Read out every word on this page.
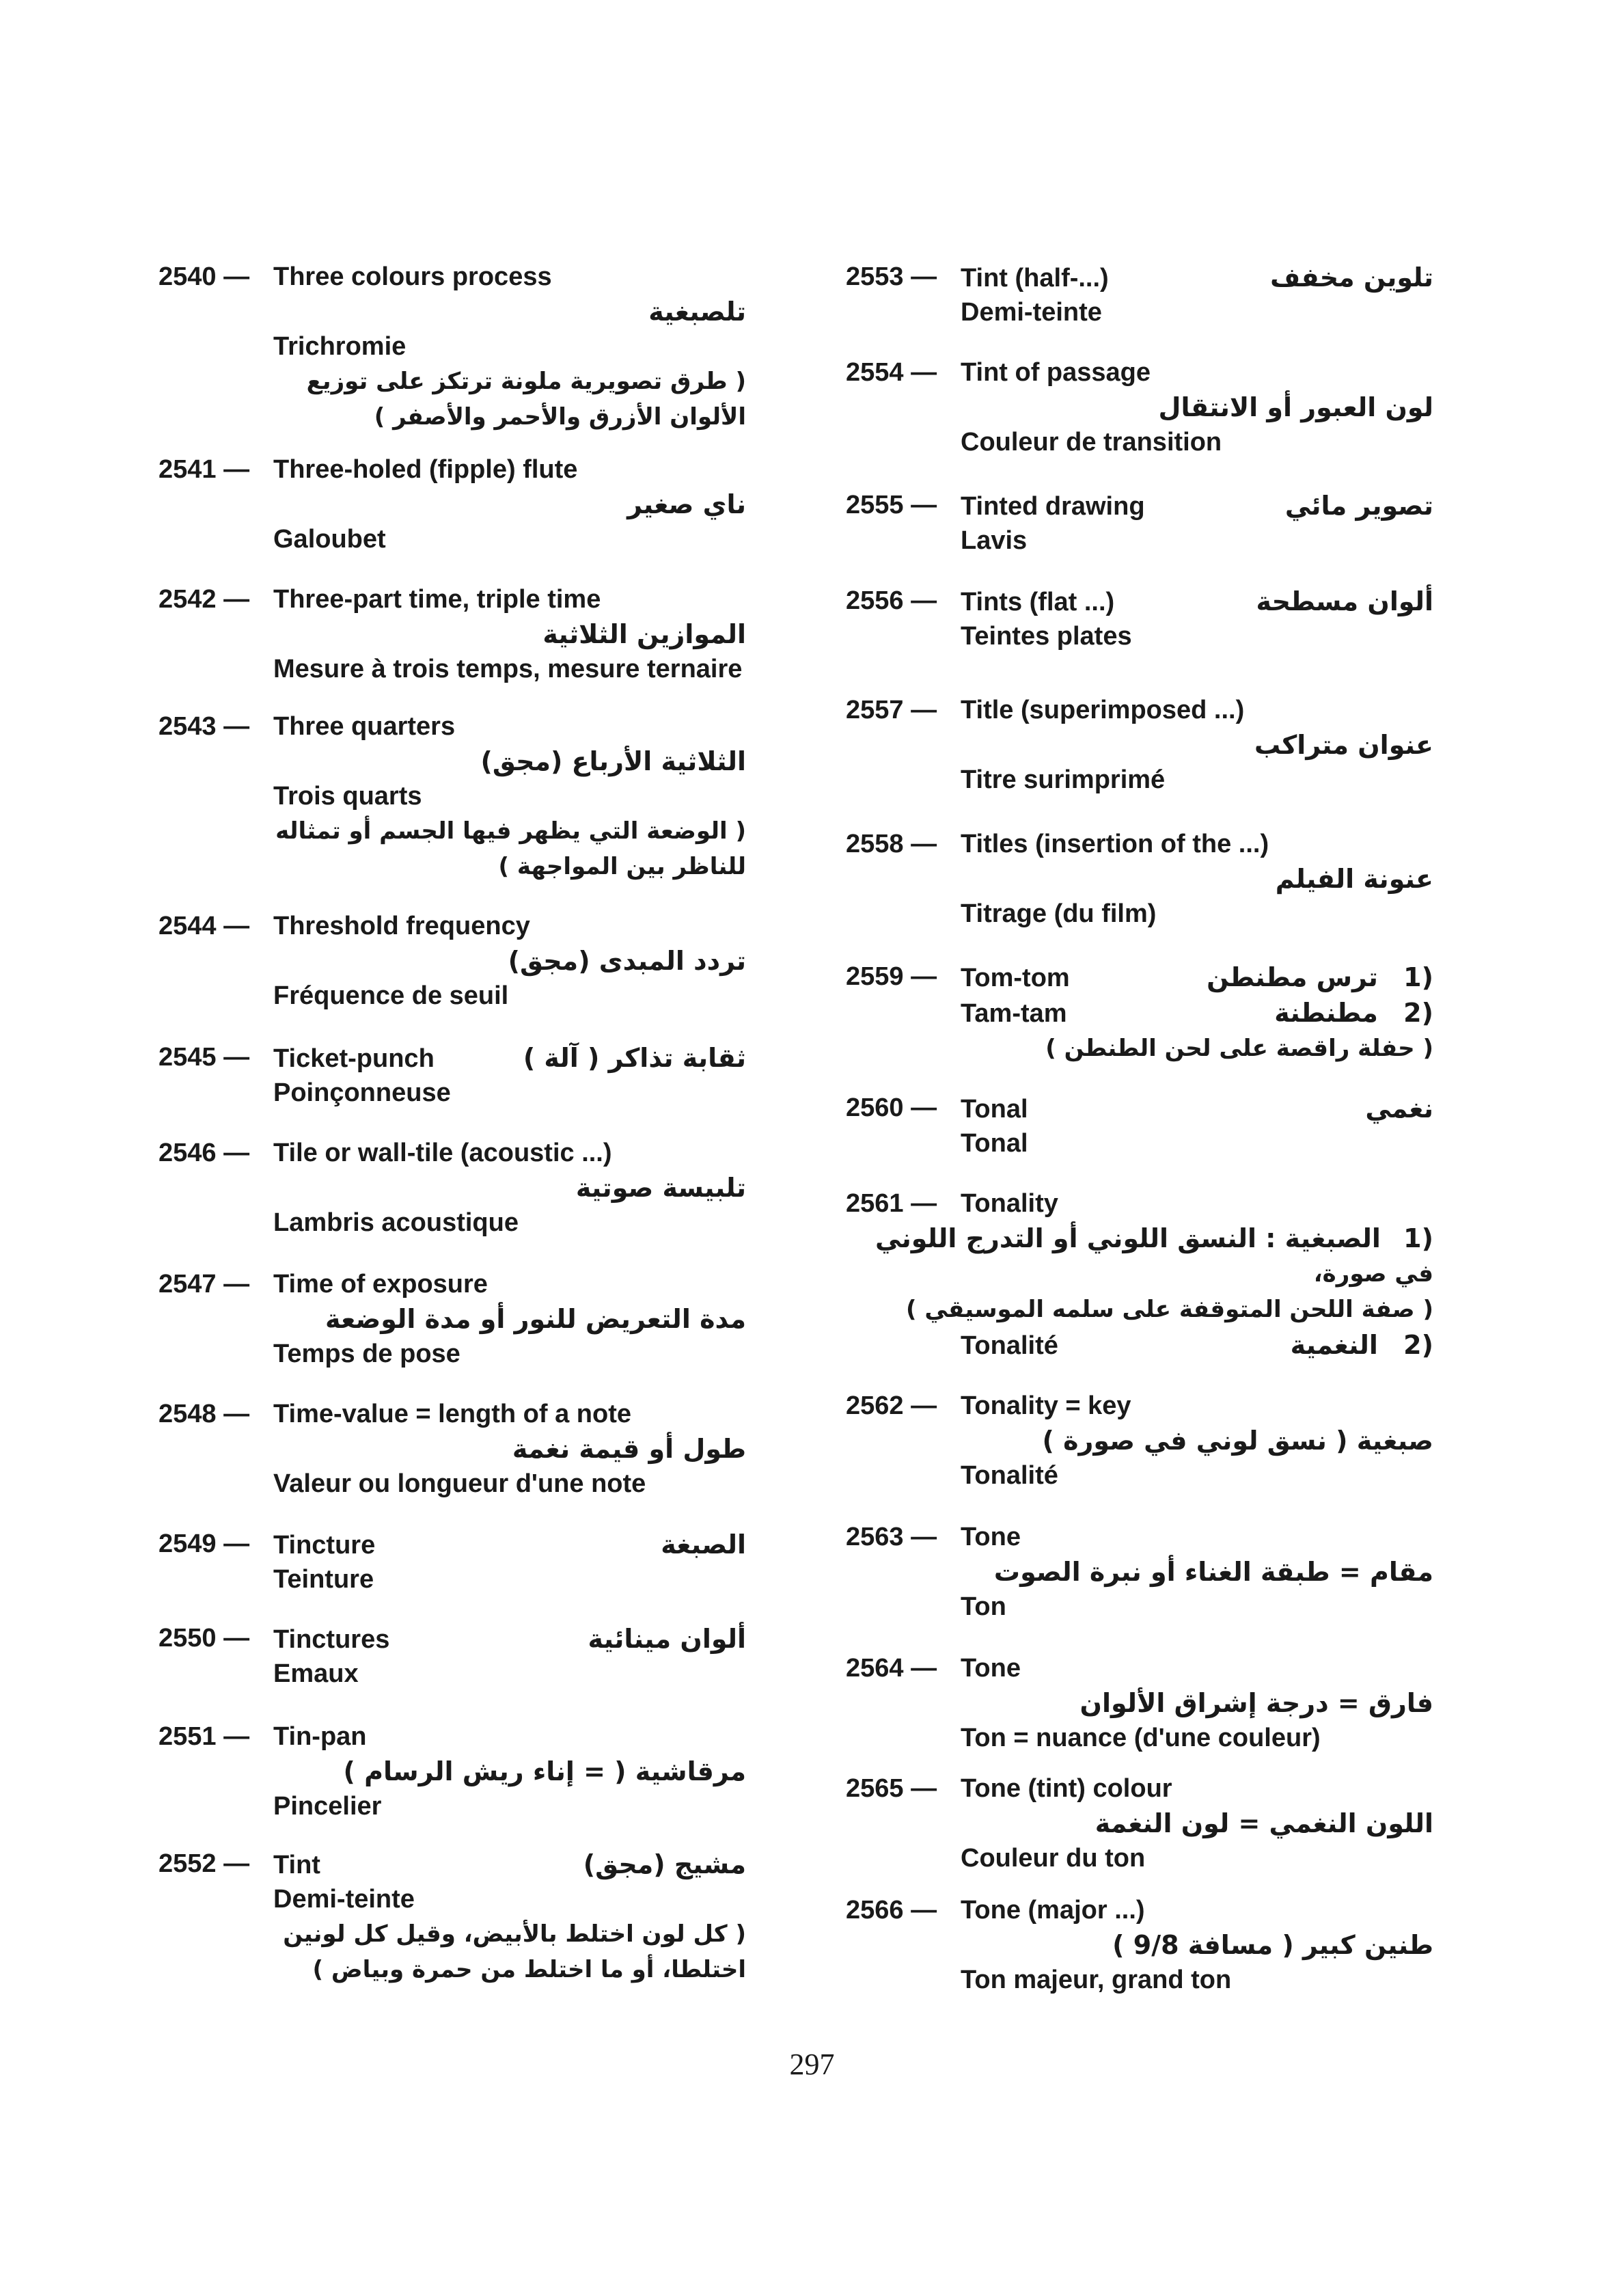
2540 — Three colours process
تلصبغية
Trichromie
( طرق تصويرية ملونة ترتكز على توزيع
الألوان الأزرق والأحمر والأصفر )
2541 — Three-holed (fipple) flute
ناي صغير
Galoubet
2542 — Three-part time, triple time
الموازين الثلاثية
Mesure à trois temps, mesure ternaire
2543 — Three quarters
الثلاثية الأرباع (مجق)
Trois quarts
( الوضعة التي يظهر فيها الجسم أو تمثاله
للناظر بين المواجهة )
2544 — Threshold frequency
تردد المبدى (مجق)
Fréquence de seuil
2545 — Ticket-punch	ثقابة تذاكر ( آلة )
Poinçonneuse
2546 — Tile or wall-tile (acoustic ...)
تلبيسة صوتية
Lambris acoustique
2547 — Time of exposure
مدة التعريض للنور أو مدة الوضعة
Temps de pose
2548 — Time-value = length of a note
طول أو قيمة نغمة
Valeur ou longueur d'une note
2549 — Tincture	الصبغة
Teinture
2550 — Tinctures	ألوان مينائية
Emaux
2551 — Tin-pan
مرقاشية ( = إناء ريش الرسام )
Pincelier
2552 — Tint	مشيج (مجق)
Demi-teinte
( كل لون اختلط بالأبيض، وقيل كل لونين
اختلطا، أو ما اختلط من حمرة وبياض )
2553 — Tint (half-...)	تلوين مخفف
Demi-teinte
2554 — Tint of passage
لون العبور أو الانتقال
Couleur de transition
2555 — Tinted drawing	تصوير مائي
Lavis
2556 — Tints (flat ...)	ألوان مسطحة
Teintes plates
2557 — Title (superimposed ...)
عنوان متراكب
Titre surimprimé
2558 — Titles (insertion of the ...)
عنونة الفيلم
Titrage (du film)
2559 — Tom-tom	(1 ترس مطنطن
Tam-tam	(2 مطنطنة
( حفلة راقصة على لحن الطنطن )
2560 — Tonal	نغمي
Tonal
2561 — Tonality
(1 الصبغية : النسق اللوني أو التدرج اللوني
في صورة،
( صفة اللحن المتوقفة على سلمه الموسيقي )
Tonalité	(2 النغمية
2562 — Tonality = key
صبغية ( نسق لوني في صورة )
Tonalité
2563 — Tone
مقام = طبقة الغناء أو نبرة الصوت
Ton
2564 — Tone
فارق = درجة إشراق الألوان
Ton = nuance (d'une couleur)
2565 — Tone (tint) colour
اللون النغمي = لون النغمة
Couleur du ton
2566 — Tone (major ...)
طنين كبير ( مسافة 9/8 )
Ton majeur, grand ton
297
